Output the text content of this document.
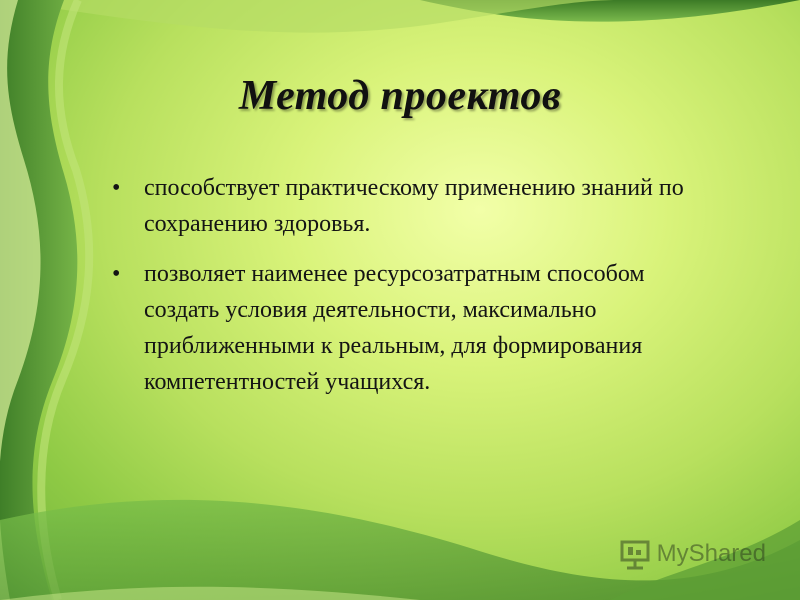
Метод проектов
• способствует практическому применению знаний по сохранению здоровья.
• позволяет наименее ресурсозатратным способом создать условия деятельности, максимально приближенными к реальным, для формирования компетентностей учащихся.
MyShared
